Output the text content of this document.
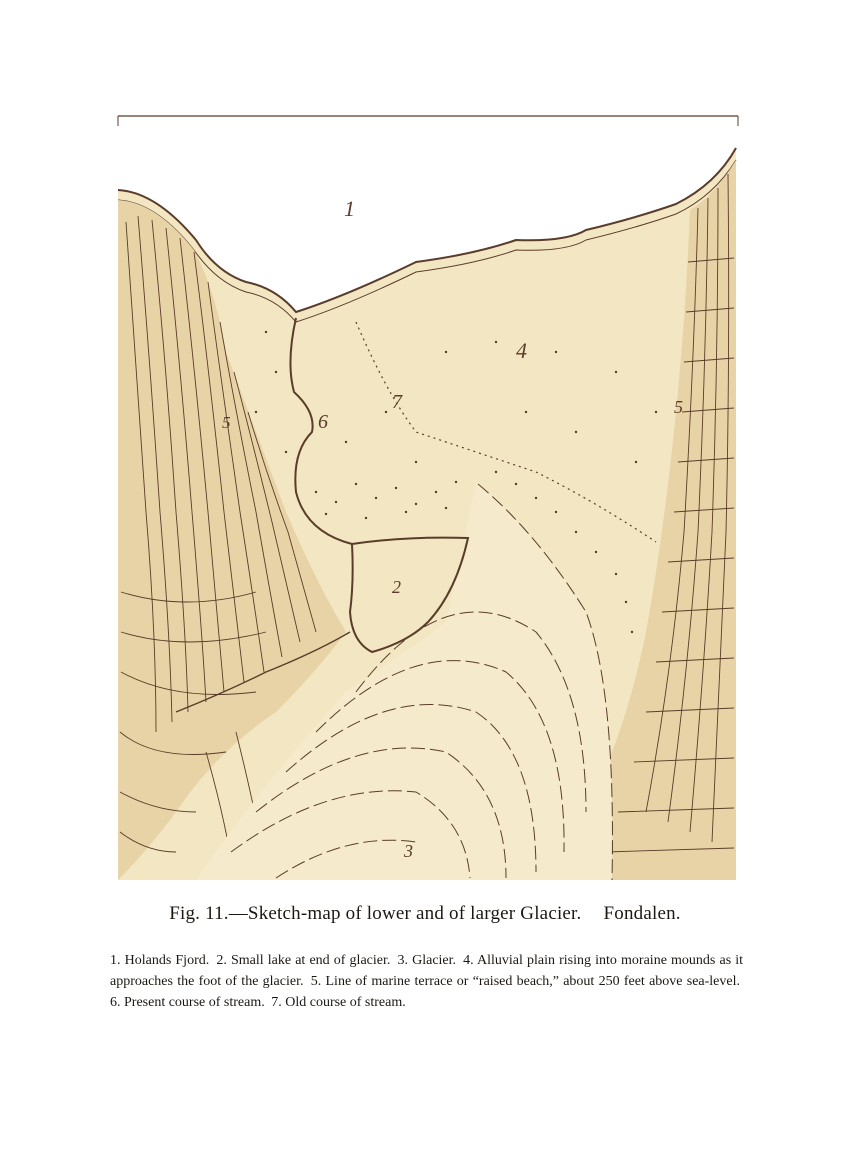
1
2
3
4
5
5
6
7
Fig. 11.—Sketch-map of lower and of larger Glacier. Fondalen.
1. Holands Fjord. 2. Small lake at end of glacier. 3. Glacier. 4. Alluvial plain rising into moraine mounds as it approaches the foot of the glacier. 5. Line of marine terrace or “raised beach,” about 250 feet above sea-level. 6. Present course of stream. 7. Old course of stream.
